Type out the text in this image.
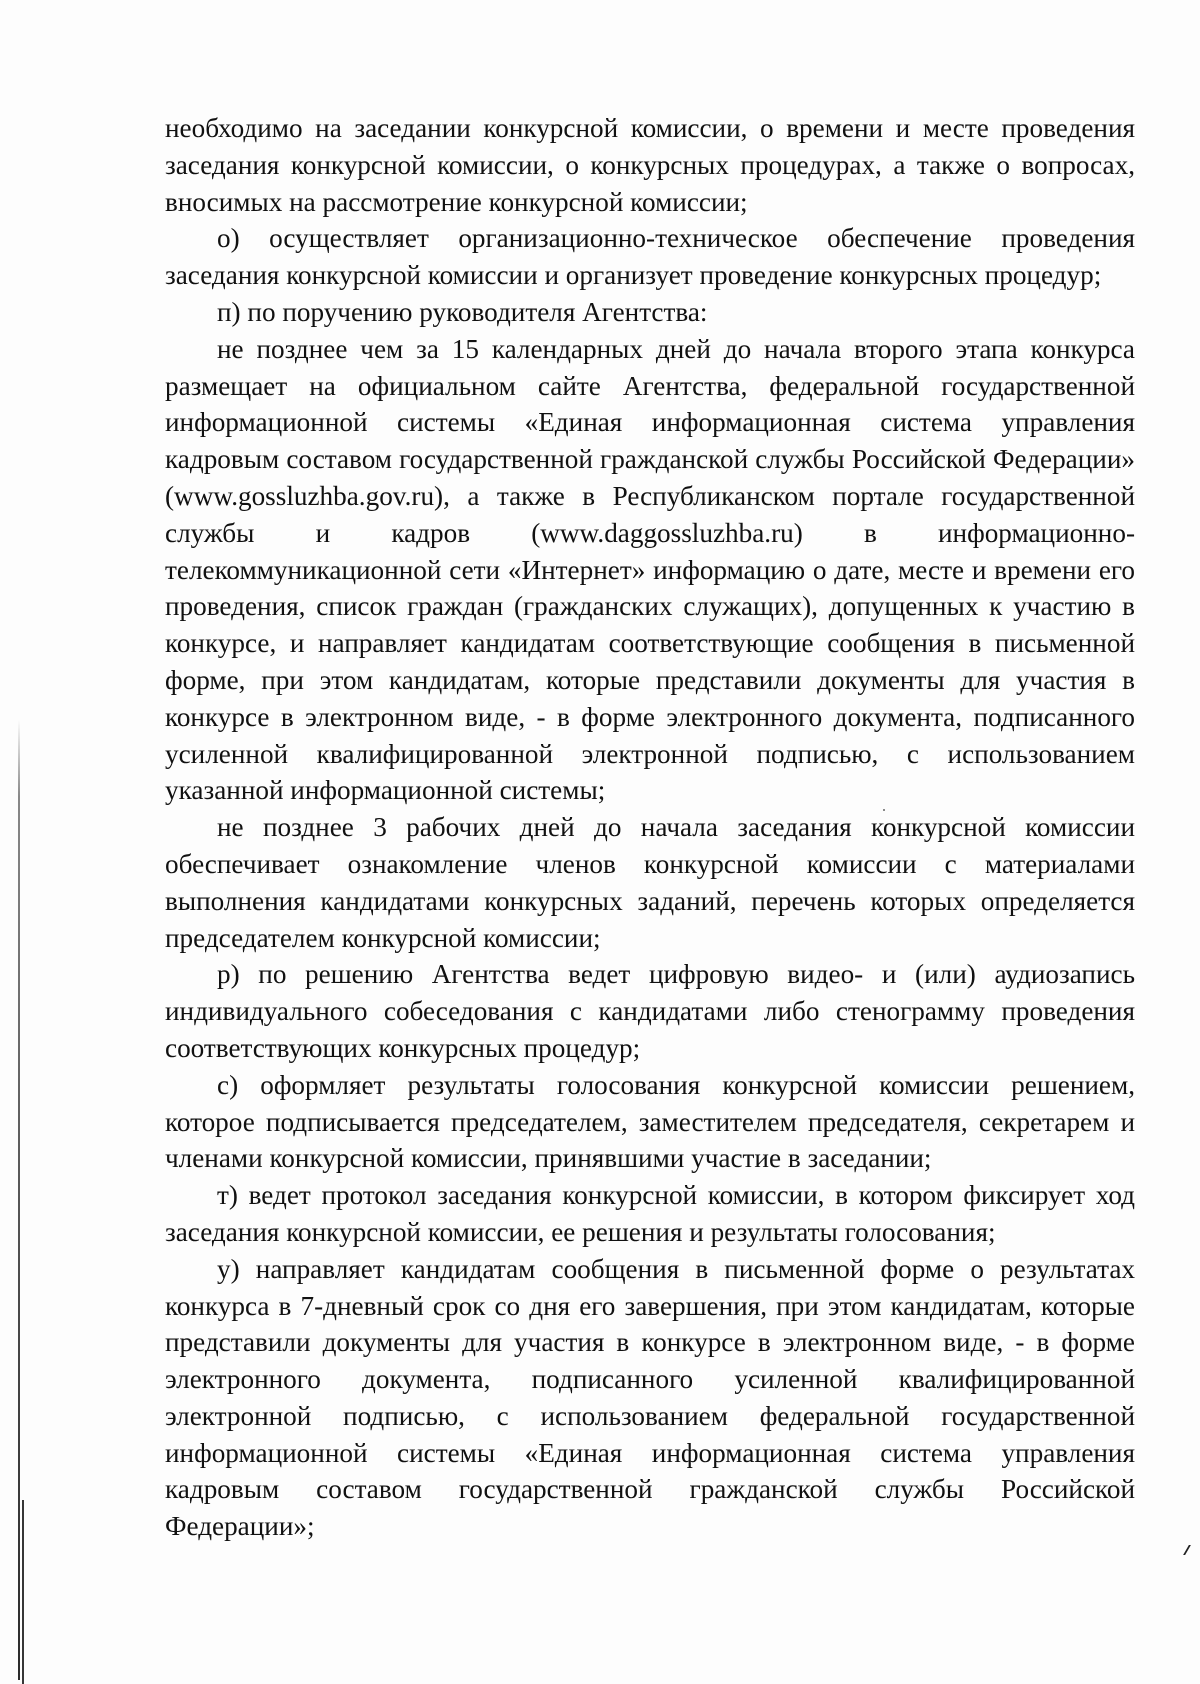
необходимо на заседании конкурсной комиссии, о времени и месте проведения заседания конкурсной комиссии, о конкурсных процедурах, а также о вопросах, вносимых на рассмотрение конкурсной комиссии;

о) осуществляет организационно-техническое обеспечение проведения заседания конкурсной комиссии и организует проведение конкурсных процедур;

п) по поручению руководителя Агентства:

не позднее чем за 15 календарных дней до начала второго этапа конкурса размещает на официальном сайте Агентства, федеральной государственной информационной системы «Единая информационная система управления кадровым составом государственной гражданской службы Российской Федерации» (www.gossluzhba.gov.ru), а также в Республиканском портале государственной службы и кадров (www.daggossluzhba.ru) в информационно-телекоммуникационной сети «Интернет» информацию о дате, месте и времени его проведения, список граждан (гражданских служащих), допущенных к участию в конкурсе, и направляет кандидатам соответствующие сообщения в письменной форме, при этом кандидатам, которые представили документы для участия в конкурсе в электронном виде, - в форме электронного документа, подписанного усиленной квалифицированной электронной подписью, с использованием указанной информационной системы;

не позднее 3 рабочих дней до начала заседания конкурсной комиссии обеспечивает ознакомление членов конкурсной комиссии с материалами выполнения кандидатами конкурсных заданий, перечень которых определяется председателем конкурсной комиссии;

р) по решению Агентства ведет цифровую видео- и (или) аудиозапись индивидуального собеседования с кандидатами либо стенограмму проведения соответствующих конкурсных процедур;

с) оформляет результаты голосования конкурсной комиссии решением, которое подписывается председателем, заместителем председателя, секретарем и членами конкурсной комиссии, принявшими участие в заседании;

т) ведет протокол заседания конкурсной комиссии, в котором фиксирует ход заседания конкурсной комиссии, ее решения и результаты голосования;

у) направляет кандидатам сообщения в письменной форме о результатах конкурса в 7-дневный срок со дня его завершения, при этом кандидатам, которые представили документы для участия в конкурсе в электронном виде, - в форме электронного документа, подписанного усиленной квалифицированной электронной подписью, с использованием федеральной государственной информационной системы «Единая информационная система управления кадровым составом государственной гражданской службы Российской Федерации»;
